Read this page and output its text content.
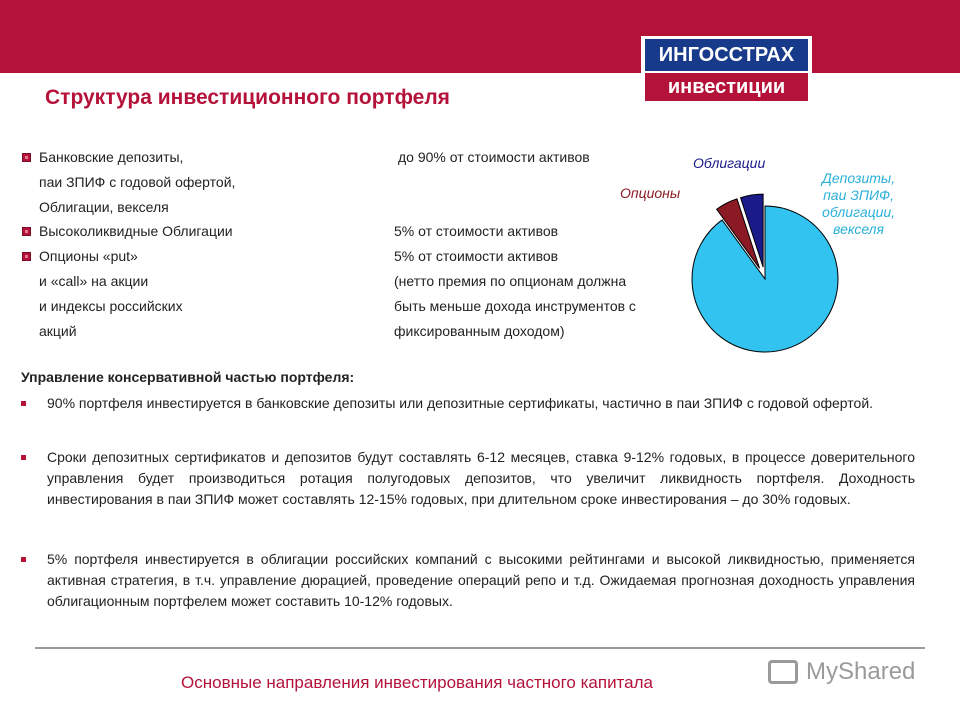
ИНГОССТРАХ
инвестиции
Структура инвестиционного портфеля
Банковские депозиты,	до 90% от стоимости активов
паи ЗПИФ с годовой офертой,
Облигации, векселя
Высоколиквидные Облигации	5% от стоимости активов
Опционы «put»	5% от стоимости активов
и «call» на акции	(нетто премия по опционам должна
и индексы российских	быть меньше дохода инструментов с
акций	фиксированным доходом)
Управление консервативной частью портфеля:
90% портфеля инвестируется в банковские депозиты или депозитные сертификаты, частично в паи ЗПИФ с годовой офертой.
Сроки депозитных сертификатов и депозитов будут составлять 6-12 месяцев, ставка 9-12% годовых, в процессе доверительного управления будет производиться ротация полугодовых депозитов, что увеличит ликвидность портфеля. Доходность инвестирования в паи ЗПИФ может составлять 12-15% годовых, при длительном сроке инвестирования – до 30% годовых.
5% портфеля инвестируется в облигации российских компаний с высокими рейтингами и высокой ликвидностью, применяется активная стратегия, в т.ч. управление дюрацией, проведение операций репо и т.д. Ожидаемая прогнозная доходность управления облигационным портфелем может составить 10-12% годовых.
Депозиты,
паи ЗПИФ,
облигации,
векселя
Опционы
Облигации
Основные направления инвестирования частного капитала	MyShared
